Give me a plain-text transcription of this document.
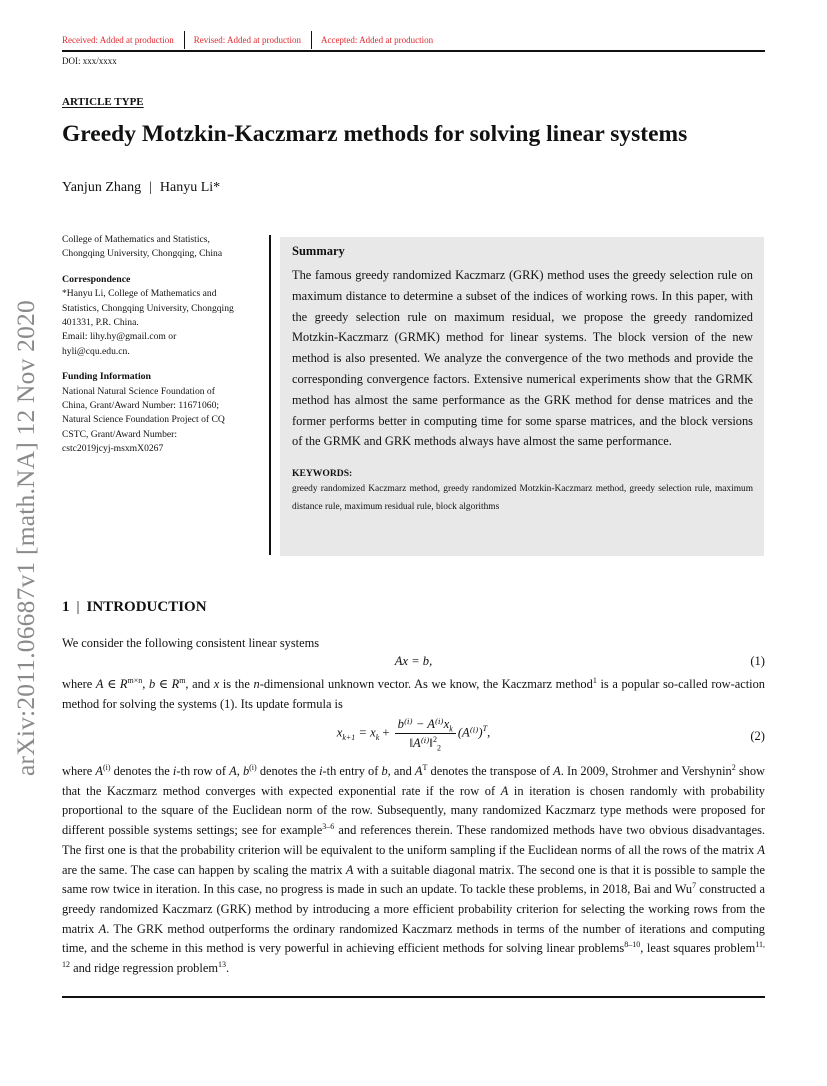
Received: Added at production Revised: Added at production Accepted: Added at production
DOI: xxx/xxxx
arXiv:2011.06687v1 [math.NA] 12 Nov 2020
ARTICLE TYPE
Greedy Motzkin-Kaczmarz methods for solving linear systems
Yanjun Zhang | Hanyu Li*

College of Mathematics and Statistics,
Chongqing University, Chongqing, China

Correspondence

*Hanyu Li, College of Mathematics and
Statistics, Chongqing University, Chongqing
401331, P.R. China.
Email: lihy.hy@gmail.com or
hyli@cqu.edu.cn.

Funding Information

National Natural Science Foundation of
China, Grant/Award Number: 11671060;
Natural Science Foundation Project of CQ
CSTC, Grant/Award Number:
cstc2019jcyj-msxmX0267

Summary

The famous greedy randomized Kaczmarz (GRK) method uses the greedy selection rule on maximum distance to determine a subset of the indices of working rows. In this paper, with the greedy selection rule on maximum residual, we propose the greedy randomized Motzkin-Kaczmarz (GRMK) method for linear systems. The block version of the new method is also presented. We analyze the convergence of the two methods and provide the corresponding convergence factors. Extensive numerical experiments show that the GRMK method has almost the same performance as the GRK method for dense matrices and the former performs better in computing time for some sparse matrices, and the block versions of the GRMK and GRK methods always have almost the same performance.

KEYWORDS:
greedy randomized Kaczmarz method, greedy randomized Motzkin-Kaczmarz method, greedy selection rule, maximum distance rule, maximum residual rule, block algorithms
1 | INTRODUCTION
We consider the following consistent linear systems
Ax = b,	(1)
where A ∈ $R^{m\times n}$, b ∈ $R^m$, and x is the n-dimensional unknown vector. As we know, the Kaczmarz method$^1$ is a popular so-called row-action method for solving the systems (1). Its update formula is
$x_{k+1} = x_k + \frac{b^{(i)} - A^{(i)}x_k}{‖A^{(i)}‖^2_2} (A^{(i)})^T$,	(2)
where $A^{(i)}$ denotes the i-th row of A, $b^{(i)}$ denotes the i-th entry of b, and $A^T$ denotes the transpose of A. In 2009, Strohmer and Vershynin$^2$ show that the Kaczmarz method converges with expected exponential rate if the row of A in iteration is chosen randomly with probability proportional to the square of the Euclidean norm of the row. Subsequently, many randomized Kaczmarz type methods were proposed for different possible systems settings; see for example$^{3-6}$ and references therein. These randomized methods have two obvious disadvantages. The first one is that the probability criterion will be equivalent to the uniform sampling if the Euclidean norms of all the rows of the matrix A are the same. The case can happen by scaling the matrix A with a suitable diagonal matrix. The second one is that it is possible to sample the same row twice in iteration. In this case, no progress is made in such an update. To tackle these problems, in 2018, Bai and Wu$^7$ constructed a greedy randomized Kaczmarz (GRK) method by introducing a more efficient probability criterion for selecting the working rows from the matrix A. The GRK method outperforms the ordinary randomized Kaczmarz methods in terms of the number of iterations and computing time, and the scheme in this method is very powerful in achieving efficient methods for solving linear problems$^{8-10}$, least squares problem$^{11, 12}$ and ridge regression problem$^{13}$.
